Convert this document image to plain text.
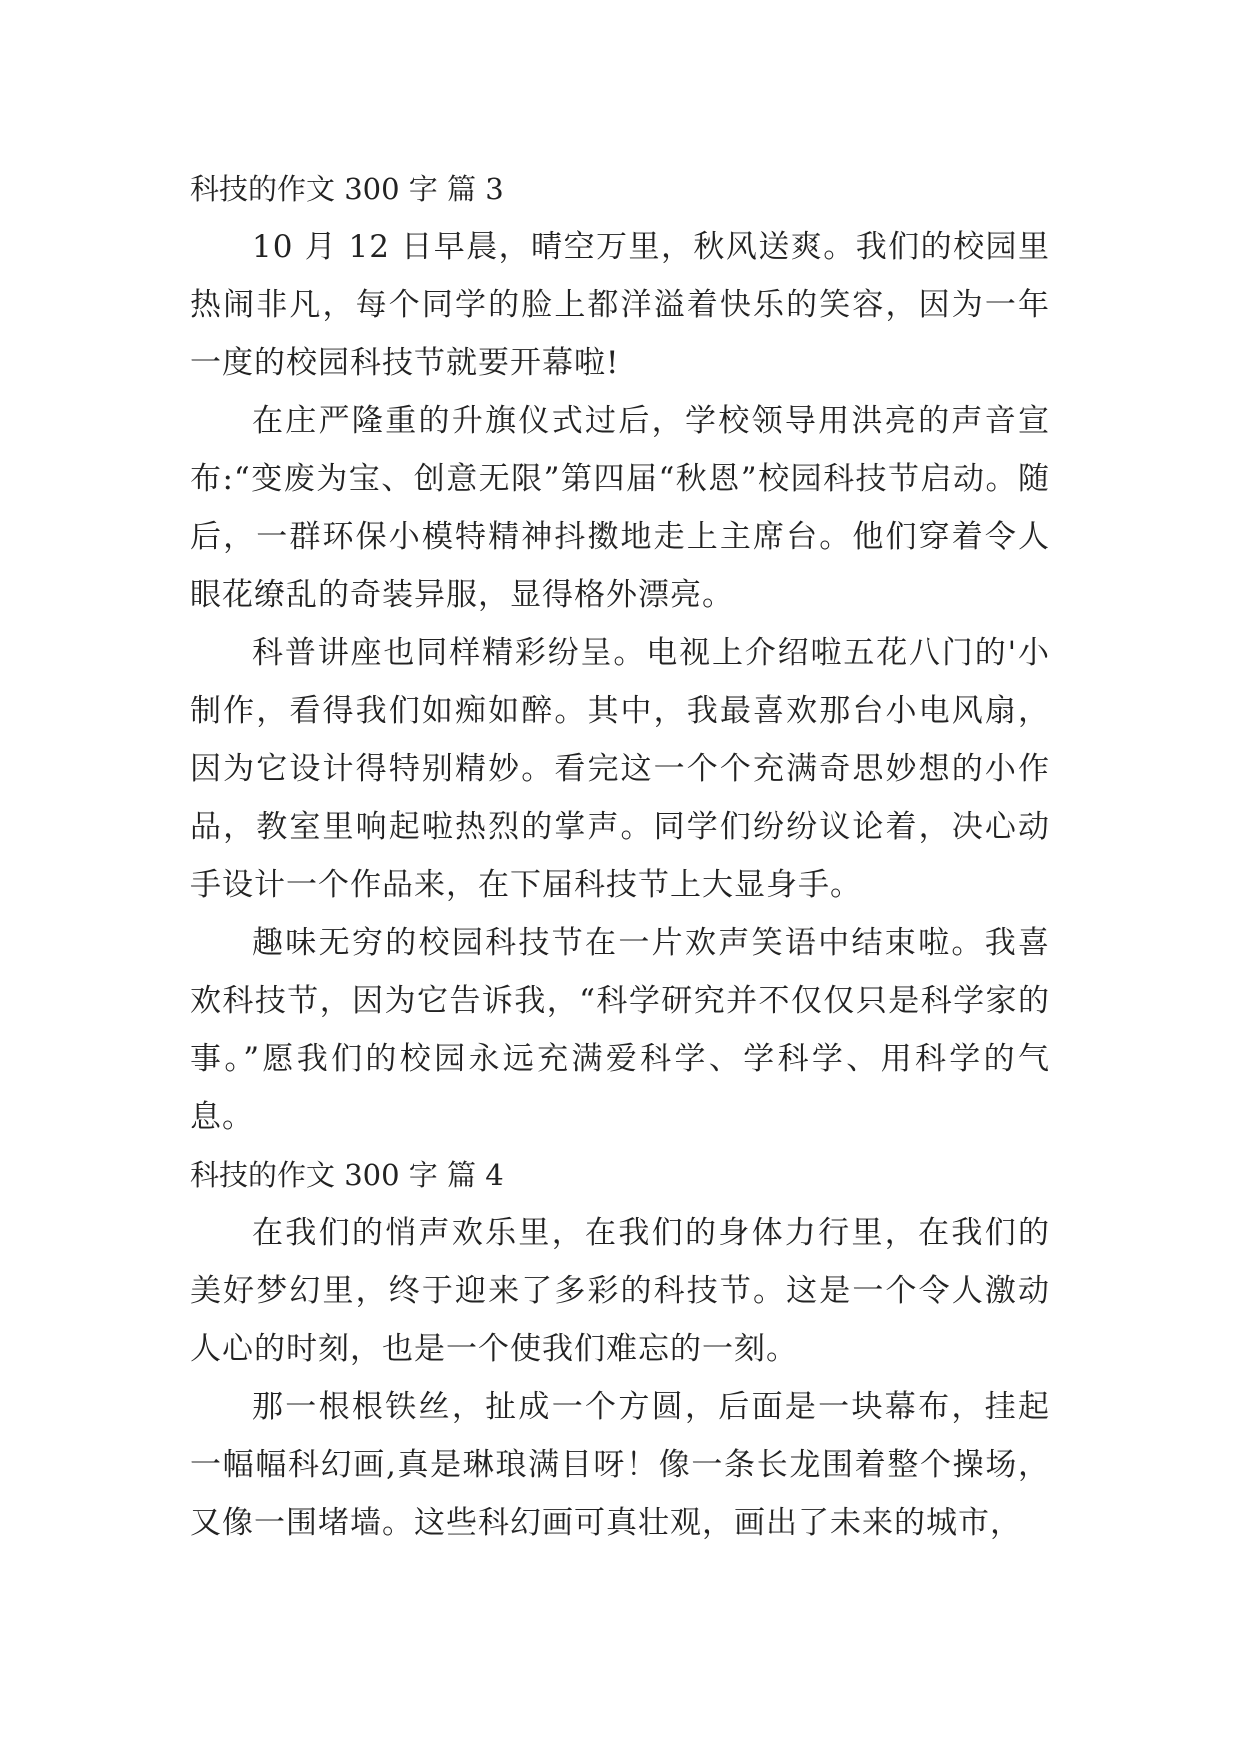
科技的作文 300 字 篇 3

10 月 12 日早晨，晴空万里，秋风送爽。我们的校园里热闹非凡，每个同学的脸上都洋溢着快乐的笑容，因为一年一度的校园科技节就要开幕啦!

在庄严隆重的升旗仪式过后，学校领导用洪亮的声音宣布:“变废为宝、创意无限”第四届“秋恩”校园科技节启动。随后，一群环保小模特精神抖擞地走上主席台。他们穿着令人眼花缭乱的奇装异服，显得格外漂亮。

科普讲座也同样精彩纷呈。电视上介绍啦五花八门的'小制作，看得我们如痴如醉。其中，我最喜欢那台小电风扇，因为它设计得特别精妙。看完这一个个充满奇思妙想的小作品，教室里响起啦热烈的掌声。同学们纷纷议论着，决心动手设计一个作品来，在下届科技节上大显身手。

趣味无穷的校园科技节在一片欢声笑语中结束啦。我喜欢科技节，因为它告诉我，“科学研究并不仅仅只是科学家的事。”愿我们的校园永远充满爱科学、学科学、用科学的气息。

科技的作文 300 字 篇 4

在我们的悄声欢乐里，在我们的身体力行里，在我们的美好梦幻里，终于迎来了多彩的科技节。这是一个令人激动人心的时刻，也是一个使我们难忘的一刻。

那一根根铁丝，扯成一个方圆，后面是一块幕布，挂起一幅幅科幻画,真是琳琅满目呀！像一条长龙围着整个操场，又像一围堵墙。这些科幻画可真壮观，画出了未来的城市，
